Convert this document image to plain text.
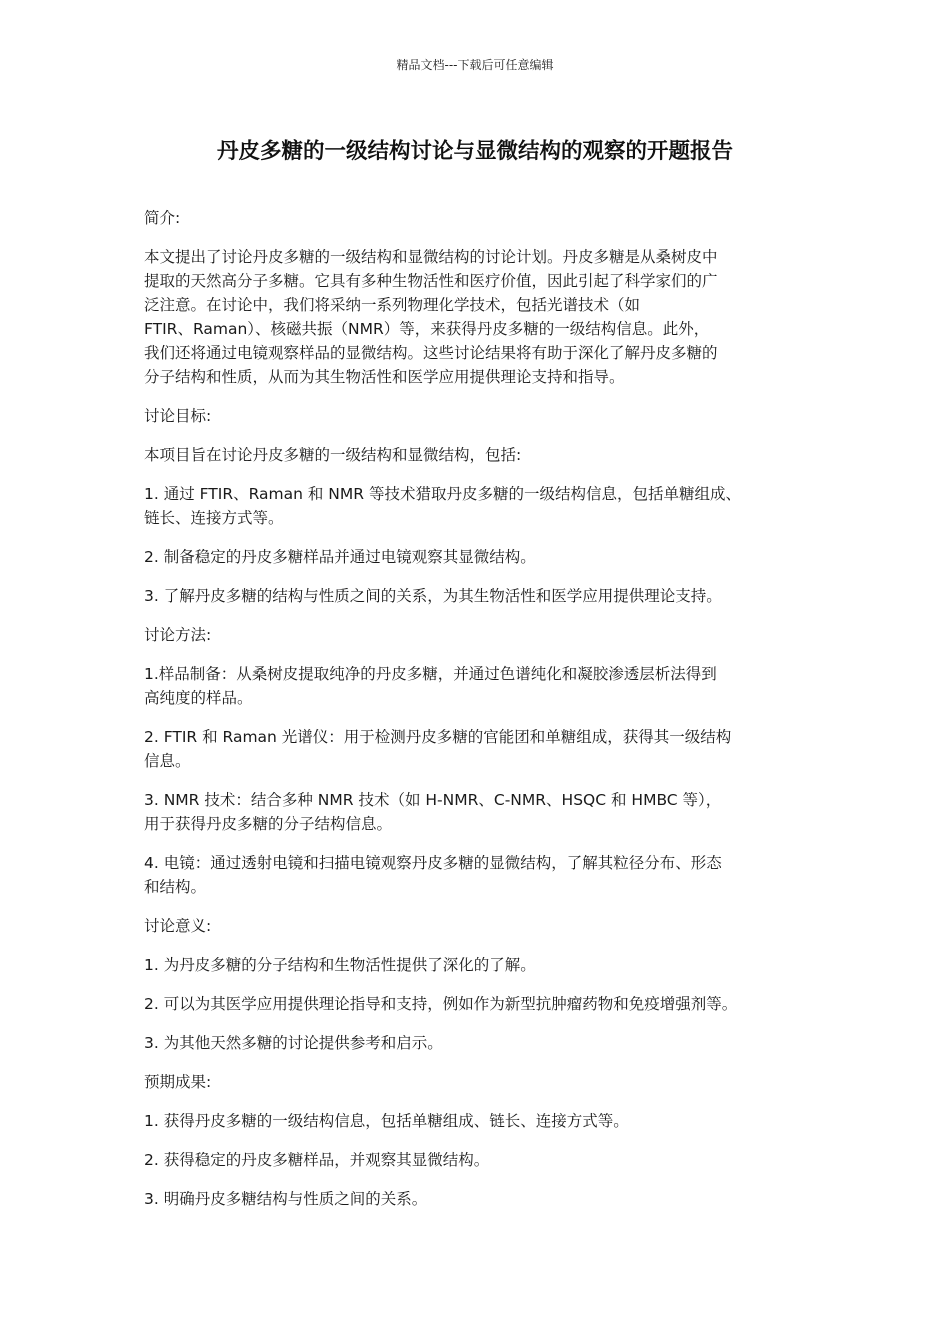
精品文档---下载后可任意编辑
丹皮多糖的一级结构讨论与显微结构的观察的开题报告

简介:

本文提出了讨论丹皮多糖的一级结构和显微结构的讨论计划。丹皮多糖是从桑树皮中
提取的天然高分子多糖。它具有多种生物活性和医疗价值，因此引起了科学家们的广
泛注意。在讨论中，我们将采纳一系列物理化学技术，包括光谱技术（如
FTIR、Raman）、核磁共振（NMR）等，来获得丹皮多糖的一级结构信息。此外，
我们还将通过电镜观察样品的显微结构。这些讨论结果将有助于深化了解丹皮多糖的
分子结构和性质，从而为其生物活性和医学应用提供理论支持和指导。

讨论目标:

本项目旨在讨论丹皮多糖的一级结构和显微结构，包括:

1. 通过 FTIR、Raman 和 NMR 等技术猎取丹皮多糖的一级结构信息，包括单糖组成、
链长、连接方式等。

2. 制备稳定的丹皮多糖样品并通过电镜观察其显微结构。

3. 了解丹皮多糖的结构与性质之间的关系，为其生物活性和医学应用提供理论支持。

讨论方法:

1.样品制备：从桑树皮提取纯净的丹皮多糖，并通过色谱纯化和凝胶渗透层析法得到
高纯度的样品。

2. FTIR 和 Raman 光谱仪：用于检测丹皮多糖的官能团和单糖组成，获得其一级结构
信息。

3. NMR 技术：结合多种 NMR 技术（如 H-NMR、C-NMR、HSQC 和 HMBC 等），
用于获得丹皮多糖的分子结构信息。

4. 电镜：通过透射电镜和扫描电镜观察丹皮多糖的显微结构，了解其粒径分布、形态
和结构。

讨论意义:

1. 为丹皮多糖的分子结构和生物活性提供了深化的了解。

2. 可以为其医学应用提供理论指导和支持，例如作为新型抗肿瘤药物和免疫增强剂等。

3. 为其他天然多糖的讨论提供参考和启示。

预期成果:

1. 获得丹皮多糖的一级结构信息，包括单糖组成、链长、连接方式等。

2. 获得稳定的丹皮多糖样品，并观察其显微结构。

3. 明确丹皮多糖结构与性质之间的关系。
